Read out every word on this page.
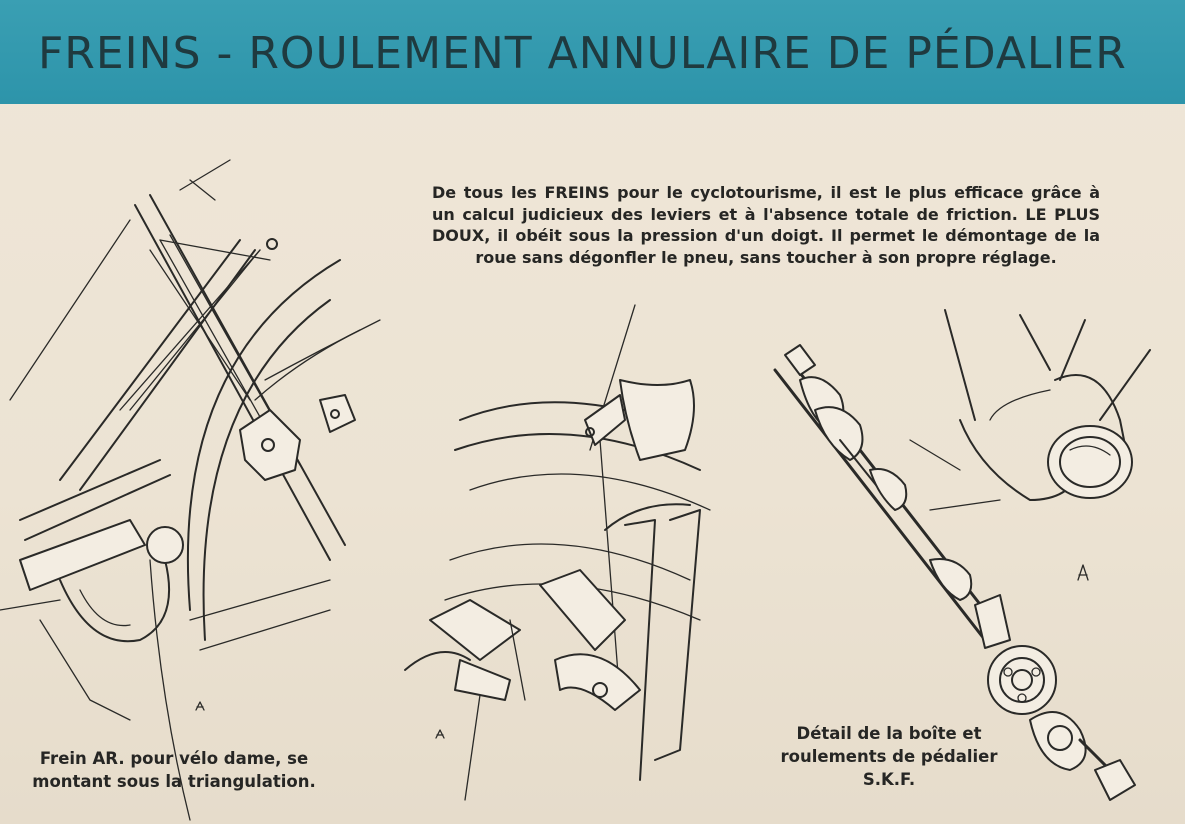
FREINS - ROULEMENT ANNULAIRE DE PÉDALIER

De tous les FREINS pour le cyclotourisme, il est le plus efficace grâce à un calcul judicieux des leviers et à l'absence totale de friction. LE PLUS DOUX, il obéit sous la pression d'un doigt. Il permet le démontage de la roue sans dégonfler le pneu, sans toucher à son propre réglage.

Frein AR. pour vélo dame, se montant sous la triangulation.
Détail de la boîte et roulements de pédalier S.K.F.
